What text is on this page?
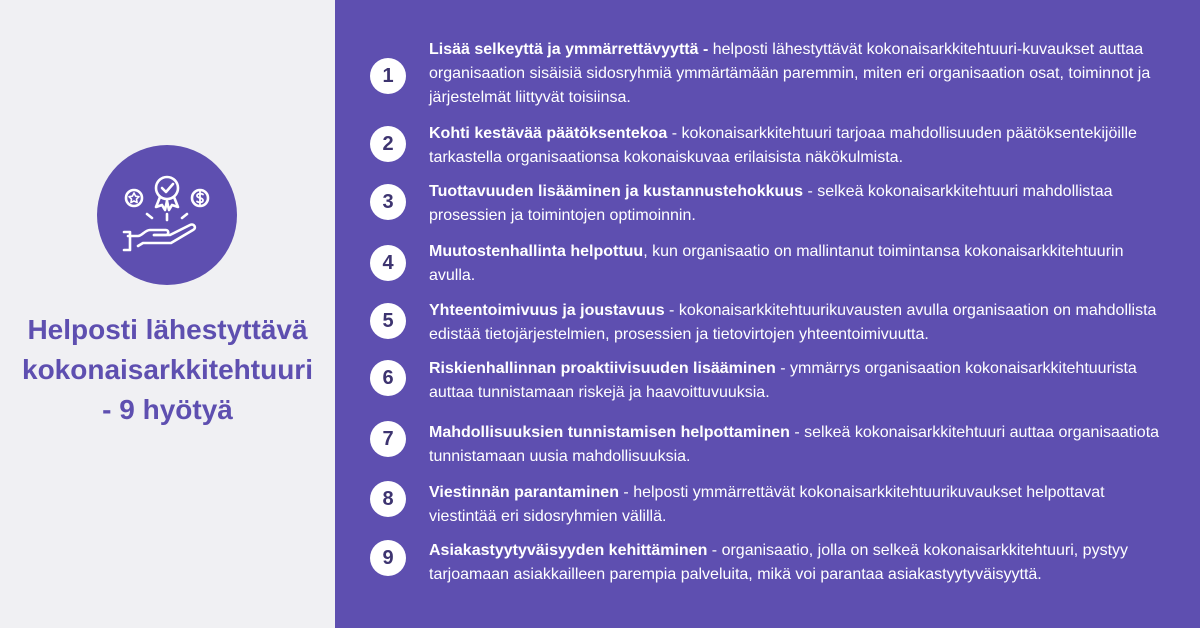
Helposti lähestyttävä
kokonaisarkkitehtuuri
- 9 hyötyä
1
Lisää selkeyttä ja ymmärrettävyyttä - helposti lähestyttävät kokonaisarkkitehtuuri-kuvaukset auttaa organisaation sisäisiä sidosryhmiä ymmärtämään paremmin, miten eri organisaation osat, toiminnot ja järjestelmät liittyvät toisiinsa.
2	Kohti kestävää päätöksentekoa - kokonaisarkkitehtuuri tarjoaa mahdollisuuden päätöksentekijöille tarkastella organisaationsa kokonaiskuvaa erilaisista näkökulmista.
3	Tuottavuuden lisääminen ja kustannustehokkuus - selkeä kokonaisarkkitehtuuri mahdollistaa prosessien ja toimintojen optimoinnin.
4
Muutostenhallinta helpottuu, kun organisaatio on mallintanut toimintansa kokonaisarkkitehtuurin avulla.
5	Yhteentoimivuus ja joustavuus - kokonaisarkkitehtuurikuvausten avulla organisaation on mahdollista edistää tietojärjestelmien, prosessien ja tietovirtojen yhteentoimivuutta.
6	Riskienhallinnan proaktiivisuuden lisääminen - ymmärrys organisaation kokonaisarkkitehtuurista auttaa tunnistamaan riskejä ja haavoittuvuuksia.
7	Mahdollisuuksien tunnistamisen helpottaminen - selkeä kokonaisarkkitehtuuri auttaa organisaatiota tunnistamaan uusia mahdollisuuksia.
8	Viestinnän parantaminen - helposti ymmärrettävät kokonaisarkkitehtuurikuvaukset helpottavat viestintää eri sidosryhmien välillä.
9	Asiakastyytyväisyyden kehittäminen - organisaatio, jolla on selkeä kokonaisarkkitehtuuri, pystyy tarjoamaan asiakkailleen parempia palveluita, mikä voi parantaa asiakastyytyväisyyttä.
